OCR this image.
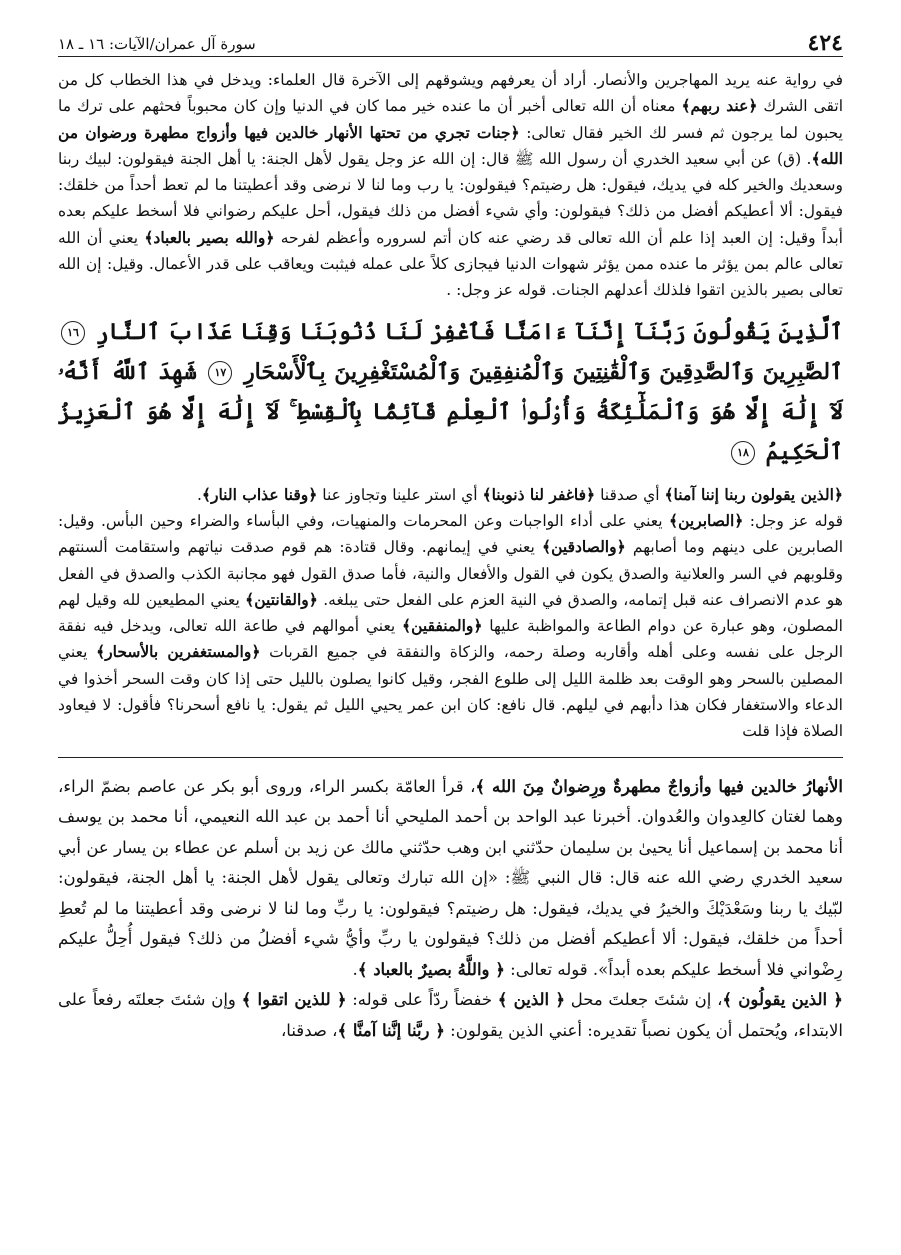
٤٢٤
سورة آل عمران/الآيات: ١٦ ـ ١٨

في رواية عنه يريد المهاجرين والأنصار. أراد أن يعرفهم ويشوقهم إلى الآخرة قال العلماء: ويدخل في هذا الخطاب كل من اتقى الشرك ﴿عند ربهم﴾ معناه أن الله تعالى أخبر أن ما عنده خير مما كان في الدنيا وإن كان محبوباً فحثهم على ترك ما يحبون لما يرجون ثم فسر لك الخير فقال تعالى: ﴿جنات تجري من تحتها الأنهار خالدين فيها وأزواج مطهرة ورضوان من الله﴾. (ق) عن أبي سعيد الخدري أن رسول الله ﷺ قال: إن الله عز وجل يقول لأهل الجنة: يا أهل الجنة فيقولون: لبيك ربنا وسعديك والخير كله في يديك، فيقول: هل رضيتم؟ فيقولون: يا رب وما لنا لا نرضى وقد أعطيتنا ما لم تعط أحداً من خلقك: فيقول: ألا أعطيكم أفضل من ذلك؟ فيقولون: وأي شيء أفضل من ذلك فيقول، أحل عليكم رضواني فلا أسخط عليكم بعده أبداً وقيل: إن العبد إذا علم أن الله تعالى قد رضي عنه كان أتم لسروره وأعظم لفرحه ﴿والله بصير بالعباد﴾ يعني أن الله تعالى عالم بمن يؤثر ما عنده ممن يؤثر شهوات الدنيا فيجازى كلاً على عمله فيثبت ويعاقب على قدر الأعمال. وقيل: إن الله تعالى بصير بالذين اتقوا فلذلك أعدلهم الجنات. قوله عز وجل: .

ٱلَّذِينَ يَقُولُونَ رَبَّنَآ إِنَّنَآ ءَامَنَّا فَٱغْفِرْ لَنَا ذُنُوبَنَا وَقِنَا عَذَابَ ٱلنَّارِ ١٦ ٱلصَّٰبِرِينَ وَٱلصَّٰدِقِينَ وَٱلْقَٰنِتِينَ وَٱلْمُنفِقِينَ وَٱلْمُسْتَغْفِرِينَ بِٱلْأَسْحَارِ ١٧ شَهِدَ ٱللَّهُ أَنَّهُۥ لَآ إِلَٰهَ إِلَّا هُوَ وَٱلْمَلَٰٓئِكَةُ وَأُو۟لُوا۟ ٱلْعِلْمِ قَآئِمًۢا بِٱلْقِسْطِ ۚ لَآ إِلَٰهَ إِلَّا هُوَ ٱلْعَزِيزُ ٱلْحَكِيمُ ١٨

﴿الذين يقولون ربنا إننا آمنا﴾ أي صدقنا ﴿فاغفر لنا ذنوبنا﴾ أي استر علينا وتجاوز عنا ﴿وقنا عذاب النار﴾.

قوله عز وجل: ﴿الصابرين﴾ يعني على أداء الواجبات وعن المحرمات والمنهيات، وفي البأساء والضراء وحين البأس. وقيل: الصابرين على دينهم وما أصابهم ﴿والصادقين﴾ يعني في إيمانهم. وقال قتادة: هم قوم صدقت نياتهم واستقامت ألسنتهم وقلوبهم في السر والعلانية والصدق يكون في القول والأفعال والنية، فأما صدق القول فهو مجانبة الكذب والصدق في الفعل هو عدم الانصراف عنه قبل إتمامه، والصدق في النية العزم على الفعل حتى يبلغه. ﴿والقانتين﴾ يعني المطيعين لله وقيل لهم المصلون، وهو عبارة عن دوام الطاعة والمواظبة عليها ﴿والمنفقين﴾ يعني أموالهم في طاعة الله تعالى، ويدخل فيه نفقة الرجل على نفسه وعلى أهله وأقاربه وصلة رحمه، والزكاة والنفقة في جميع القربات ﴿والمستغفرين بالأسحار﴾ يعني المصلين بالسحر وهو الوقت بعد ظلمة الليل إلى طلوع الفجر، وقيل كانوا يصلون بالليل حتى إذا كان وقت السحر أخذوا في الدعاء والاستغفار فكان هذا دأبهم في ليلهم. قال نافع: كان ابن عمر يحيي الليل ثم يقول: يا نافع أسحرنا؟ فأقول: لا فيعاود الصلاة فإذا قلت

الأنهارُ خالدين فيها وأزواجٌ مطهرةٌ ورِضوانٌ مِنَ الله ﴾، قرأ العامّة بكسر الراء، وروى أبو بكر عن عاصم بضمّ الراء، وهما لغتان كالعِدوان والعُدوان. أخبرنا عبد الواحد بن أحمد المليحي أنا أحمد بن عبد الله النعيمي، أنا محمد بن يوسف أنا محمد بن إسماعيل أنا يحيىٰ بن سليمان حدّثني ابن وهب حدّثني مالك عن زيد بن أسلم عن عطاء بن يسار عن أبي سعيد الخدري رضي الله عنه قال: قال النبي ﷺ: «إن الله تبارك وتعالى يقول لأهل الجنة: يا أهل الجنة، فيقولون: لبّيك يا ربنا وسَعْدَيْكَ والخيرُ في يديك، فيقول: هل رضيتم؟ فيقولون: يا ربِّ وما لنا لا نرضى وقد أعطيتنا ما لم تُعطِ أحداً من خلقك، فيقول: ألا أعطيكم أفضل من ذلك؟ فيقولون يا ربِّ وأيُّ شيء أفضلُ من ذلك؟ فيقول أُحِلُّ عليكم رِضْواني فلا أسخط عليكم بعده أبداً». قوله تعالى: ﴿ واللَّهُ بصيرٌ بالعباد ﴾.

﴿ الذين يقولُون ﴾، إن شئتَ جعلتَ محل ﴿ الذين ﴾ خفضاً ردّاً على قوله: ﴿ للذين اتقوا ﴾ وإن شئتَ جعلتَه رفعاً على الابتداء، ويُحتمل أن يكون نصباً تقديره: أعني الذين يقولون: ﴿ ربَّنا إنَّنا آمنَّا ﴾، صدقنا،
